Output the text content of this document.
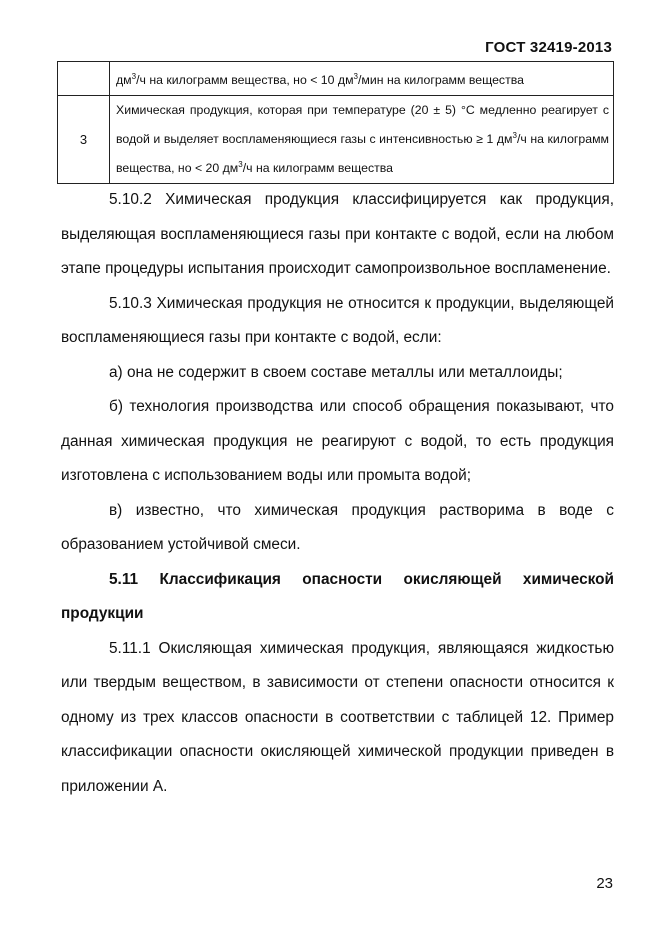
ГОСТ 32419-2013
	$дм^3/ч$ на килограмм вещества, но < 10 $дм^3$/мин на килограмм вещества
3	Химическая продукция, которая при температуре (20 ± 5) °С медленно реагирует с водой и выделяет воспламеняющиеся газы с интенсивностью ≥ 1 $дм^3/ч$ на килограмм вещества, но < 20 $дм^3/ч$ на килограмм вещества

5.10.2 Химическая продукция классифицируется как продукция, выделяющая воспламеняющиеся газы при контакте с водой, если на любом этапе процедуры испытания происходит самопроизвольное воспламенение.

5.10.3 Химическая продукция не относится к продукции, выделяющей воспламеняющиеся газы при контакте с водой, если:

а) она не содержит в своем составе металлы или металлоиды;

б) технология производства или способ обращения показывают, что данная химическая продукция не реагируют с водой, то есть продукция изготовлена с использованием воды или промыта водой;

в) известно, что химическая продукция растворима в воде с образованием устойчивой смеси.

5.11 Классификация опасности окисляющей химической продукции

5.11.1 Окисляющая химическая продукция, являющаяся жидкостью или твердым веществом, в зависимости от степени опасности относится к одному из трех классов опасности в соответствии с таблицей 12. Пример классификации опасности окисляющей химической продукции приведен в приложении А.

23
